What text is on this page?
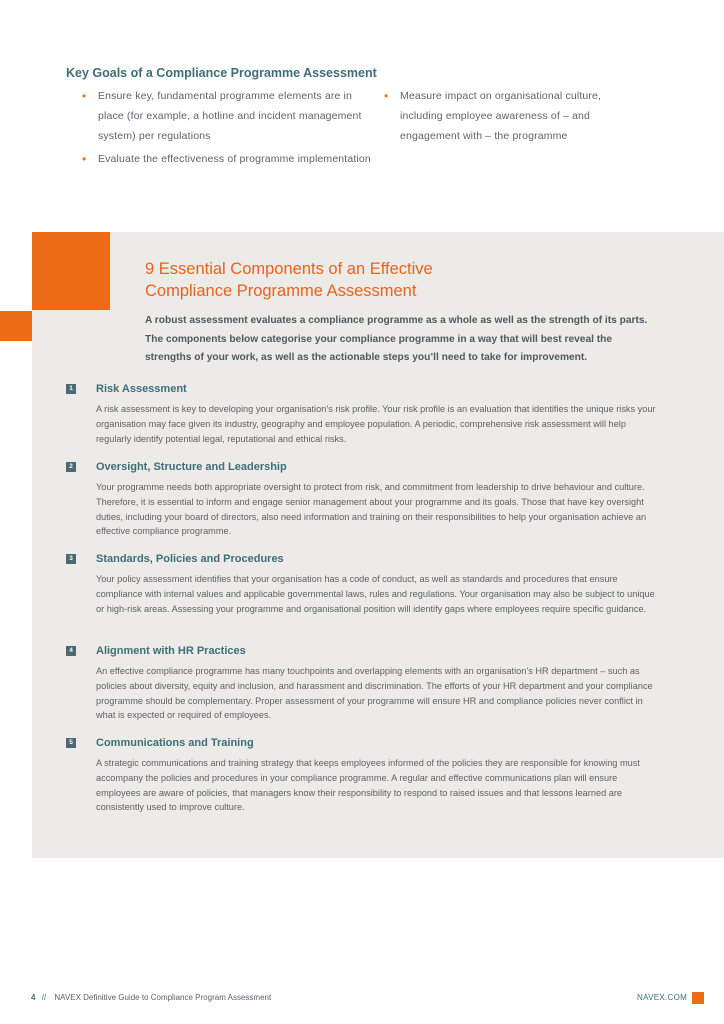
Key Goals of a Compliance Programme Assessment
• Ensure key, fundamental programme elements are in place (for example, a hotline and incident management system) per regulations
• Evaluate the effectiveness of programme implementation
• Measure impact on organisational culture, including employee awareness of – and engagement with – the programme
9 Essential Components of an Effective
Compliance Programme Assessment

A robust assessment evaluates a compliance programme as a whole as well as the strength of its parts. The components below categorise your compliance programme in a way that will best reveal the strengths of your work, as well as the actionable steps you’ll need to take for improvement.

1 Risk Assessment

A risk assessment is key to developing your organisation’s risk profile. Your risk profile is an evaluation that identifies the unique risks your organisation may face given its industry, geography and employee population. A periodic, comprehensive risk assessment will help regularly identify potential legal, reputational and ethical risks.

2 Oversight, Structure and Leadership

Your programme needs both appropriate oversight to protect from risk, and commitment from leadership to drive behaviour and culture. Therefore, it is essential to inform and engage senior management about your programme and its goals. Those that have key oversight duties, including your board of directors, also need information and training on their responsibilities to help your organisation achieve an effective compliance programme.

3 Standards, Policies and Procedures

Your policy assessment identifies that your organisation has a code of conduct, as well as standards and procedures that ensure compliance with internal values and applicable governmental laws, rules and regulations. Your organisation may also be subject to unique or high-risk areas. Assessing your programme and organisational position will identify gaps where employees require specific guidance.

4 Alignment with HR Practices

An effective compliance programme has many touchpoints and overlapping elements with an organisation’s HR department – such as policies about diversity, equity and inclusion, and harassment and discrimination. The efforts of your HR department and your compliance programme should be complementary. Proper assessment of your programme will ensure HR and compliance policies never conflict in what is expected or required of employees.

5 Communications and Training

A strategic communications and training strategy that keeps employees informed of the policies they are responsible for knowing must accompany the policies and procedures in your compliance programme. A regular and effective communications plan will ensure employees are aware of policies, that managers know their responsibility to respond to raised issues and that lessons learned are consistently used to improve culture.

4 // NAVEX Definitive Guide to Compliance Program Assessment	NAVEX.COM
